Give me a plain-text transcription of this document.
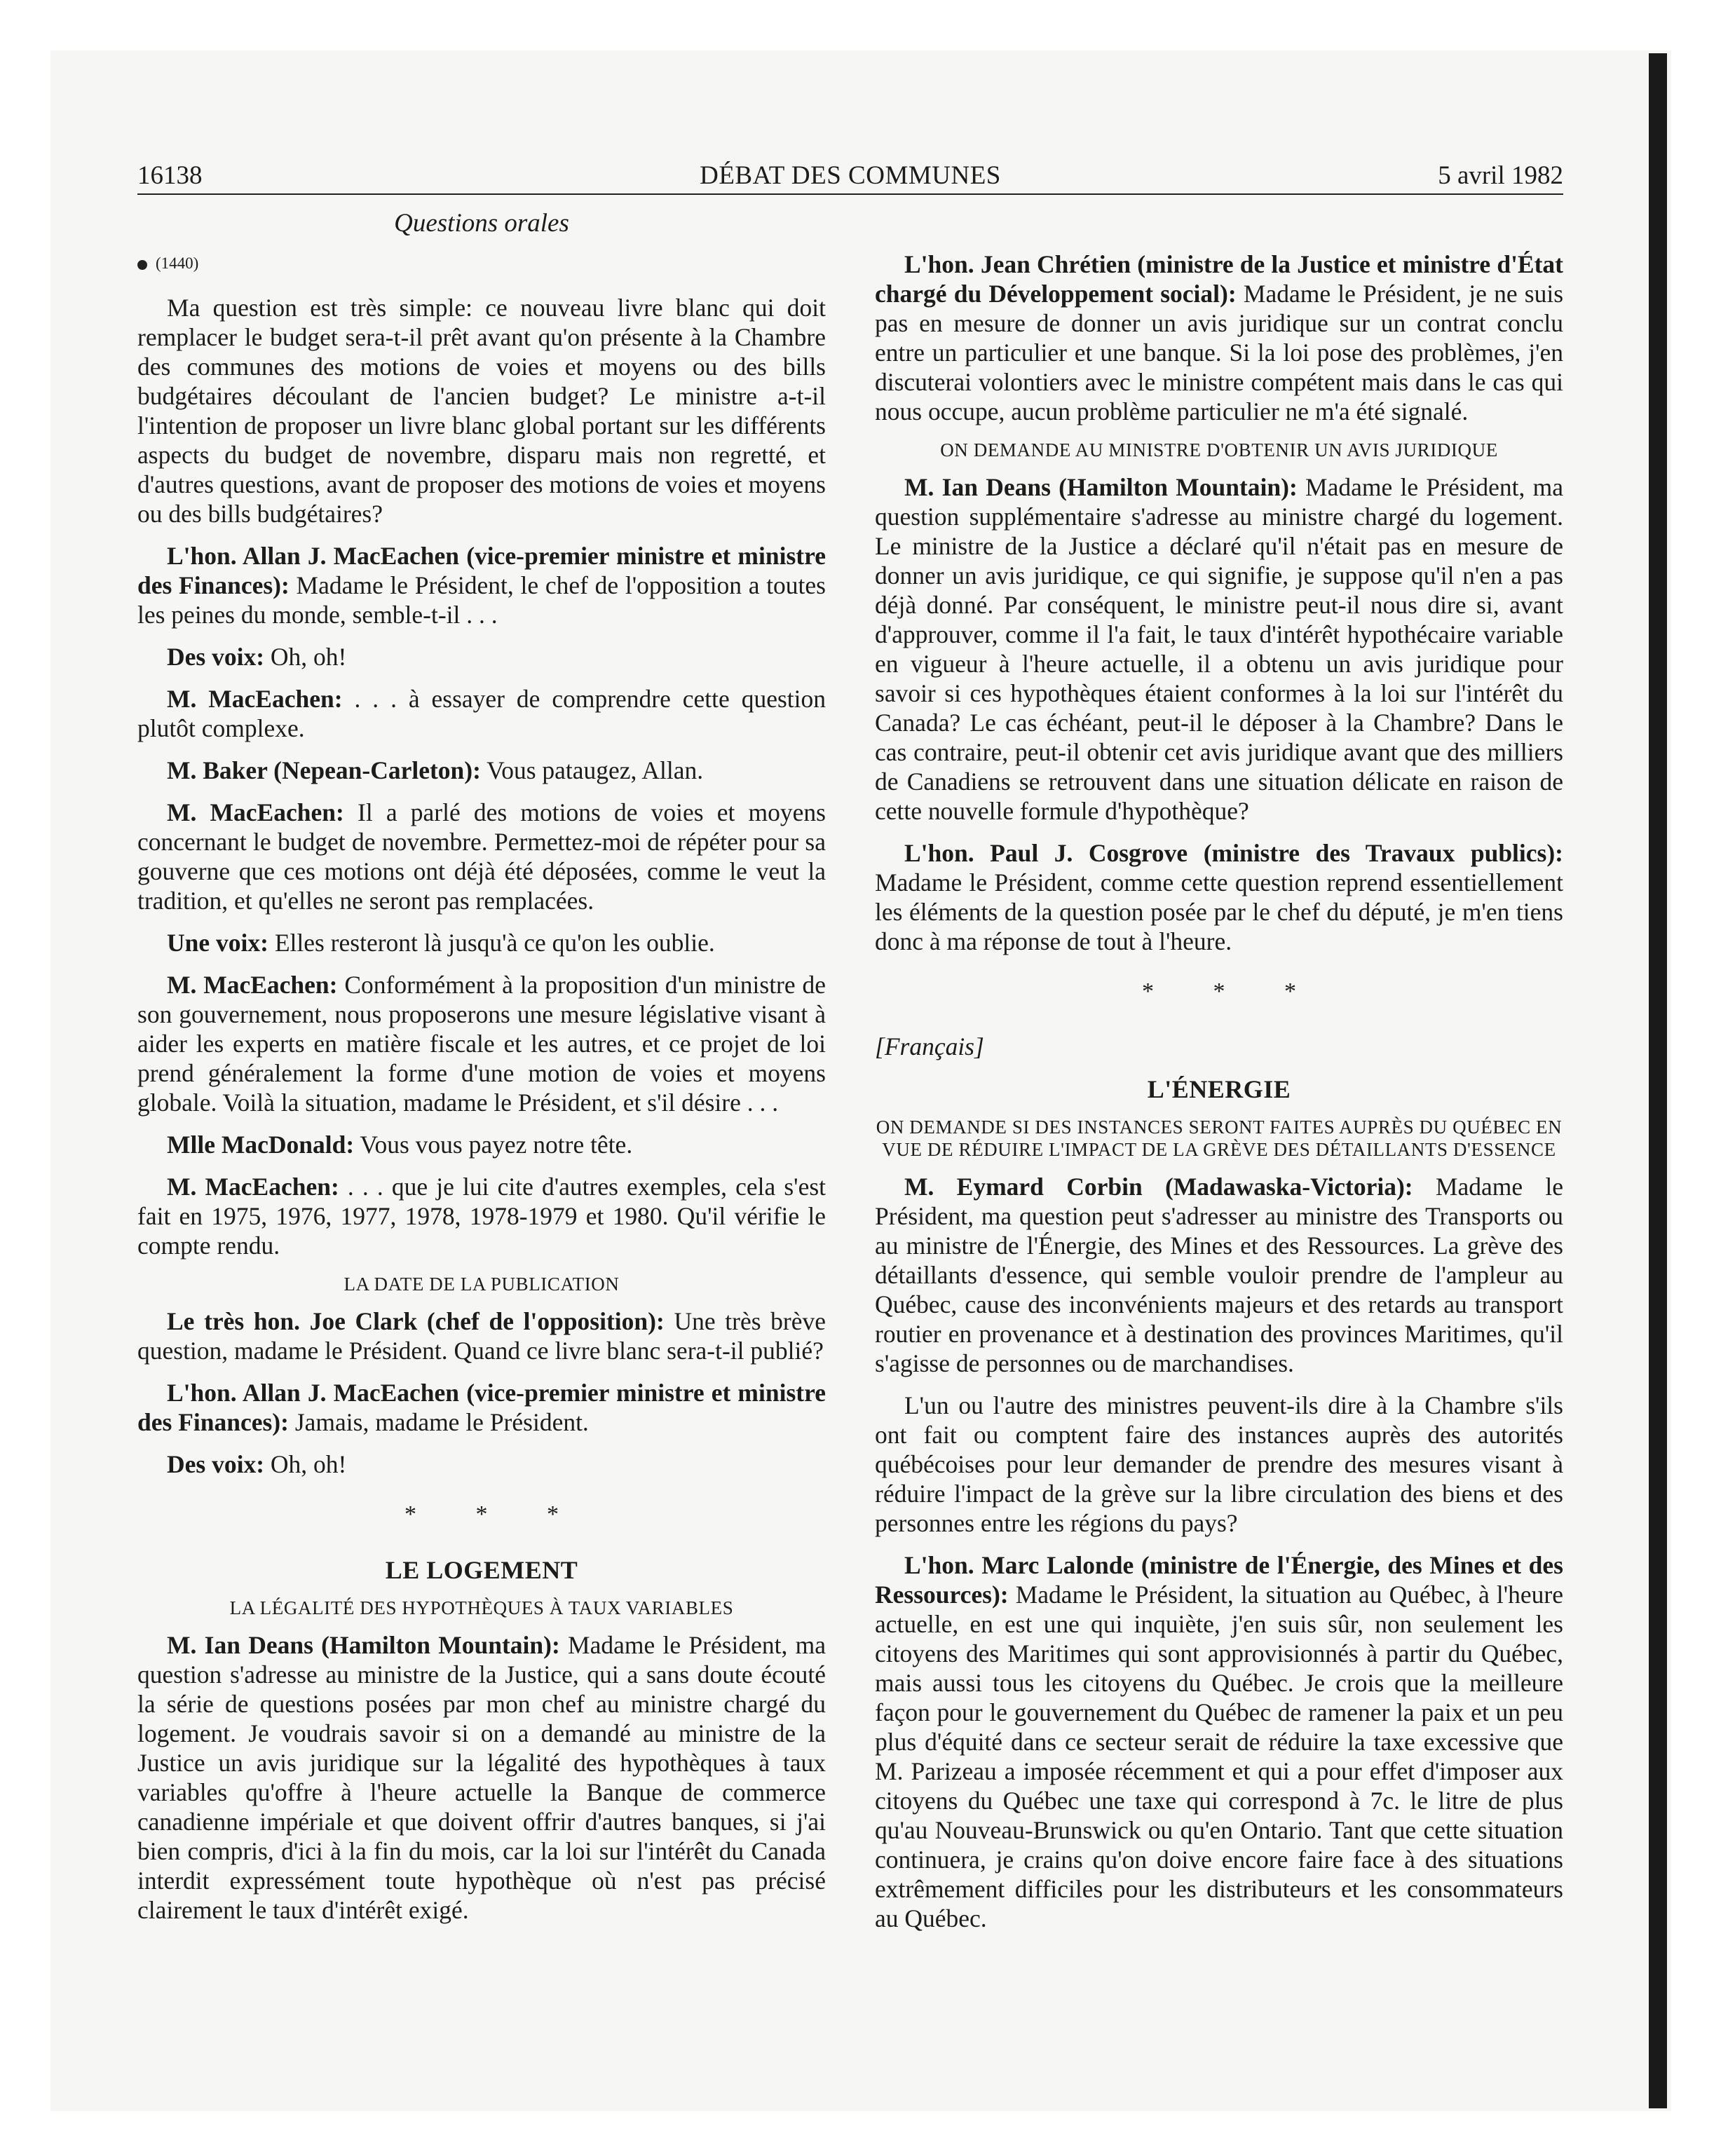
16138	DÉBAT DES COMMUNES	5 avril 1982
Questions orales
(1440)

Ma question est très simple: ce nouveau livre blanc qui doit remplacer le budget sera-t-il prêt avant qu'on présente à la Chambre des communes des motions de voies et moyens ou des bills budgétaires découlant de l'ancien budget? Le ministre a-t-il l'intention de proposer un livre blanc global portant sur les différents aspects du budget de novembre, disparu mais non regretté, et d'autres questions, avant de proposer des motions de voies et moyens ou des bills budgétaires?

L'hon. Allan J. MacEachen (vice-premier ministre et ministre des Finances): Madame le Président, le chef de l'opposition a toutes les peines du monde, semble-t-il . . .

Des voix: Oh, oh!

M. MacEachen: . . . à essayer de comprendre cette question plutôt complexe.

M. Baker (Nepean-Carleton): Vous pataugez, Allan.

M. MacEachen: Il a parlé des motions de voies et moyens concernant le budget de novembre. Permettez-moi de répéter pour sa gouverne que ces motions ont déjà été déposées, comme le veut la tradition, et qu'elles ne seront pas remplacées.

Une voix: Elles resteront là jusqu'à ce qu'on les oublie.

M. MacEachen: Conformément à la proposition d'un ministre de son gouvernement, nous proposerons une mesure législative visant à aider les experts en matière fiscale et les autres, et ce projet de loi prend généralement la forme d'une motion de voies et moyens globale. Voilà la situation, madame le Président, et s'il désire . . .

Mlle MacDonald: Vous vous payez notre tête.

M. MacEachen: . . . que je lui cite d'autres exemples, cela s'est fait en 1975, 1976, 1977, 1978, 1978-1979 et 1980. Qu'il vérifie le compte rendu.

LA DATE DE LA PUBLICATION

Le très hon. Joe Clark (chef de l'opposition): Une très brève question, madame le Président. Quand ce livre blanc sera-t-il publié?

L'hon. Allan J. MacEachen (vice-premier ministre et ministre des Finances): Jamais, madame le Président.

Des voix: Oh, oh!

* * *
LE LOGEMENT
LA LÉGALITÉ DES HYPOTHÈQUES À TAUX VARIABLES

M. Ian Deans (Hamilton Mountain): Madame le Président, ma question s'adresse au ministre de la Justice, qui a sans doute écouté la série de questions posées par mon chef au ministre chargé du logement. Je voudrais savoir si on a demandé au ministre de la Justice un avis juridique sur la légalité des hypothèques à taux variables qu'offre à l'heure actuelle la Banque de commerce canadienne impériale et que doivent offrir d'autres banques, si j'ai bien compris, d'ici à la fin du mois, car la loi sur l'intérêt du Canada interdit expressément toute hypothèque où n'est pas précisé clairement le taux d'intérêt exigé.

L'hon. Jean Chrétien (ministre de la Justice et ministre d'État chargé du Développement social): Madame le Président, je ne suis pas en mesure de donner un avis juridique sur un contrat conclu entre un particulier et une banque. Si la loi pose des problèmes, j'en discuterai volontiers avec le ministre compétent mais dans le cas qui nous occupe, aucun problème particulier ne m'a été signalé.

ON DEMANDE AU MINISTRE D'OBTENIR UN AVIS JURIDIQUE

M. Ian Deans (Hamilton Mountain): Madame le Président, ma question supplémentaire s'adresse au ministre chargé du logement. Le ministre de la Justice a déclaré qu'il n'était pas en mesure de donner un avis juridique, ce qui signifie, je suppose qu'il n'en a pas déjà donné. Par conséquent, le ministre peut-il nous dire si, avant d'approuver, comme il l'a fait, le taux d'intérêt hypothécaire variable en vigueur à l'heure actuelle, il a obtenu un avis juridique pour savoir si ces hypothèques étaient conformes à la loi sur l'intérêt du Canada? Le cas échéant, peut-il le déposer à la Chambre? Dans le cas contraire, peut-il obtenir cet avis juridique avant que des milliers de Canadiens se retrouvent dans une situation délicate en raison de cette nouvelle formule d'hypothèque?

L'hon. Paul J. Cosgrove (ministre des Travaux publics): Madame le Président, comme cette question reprend essentiellement les éléments de la question posée par le chef du député, je m'en tiens donc à ma réponse de tout à l'heure.

* * *

[Français]

L'ÉNERGIE
ON DEMANDE SI DES INSTANCES SERONT FAITES AUPRÈS DU QUÉBEC EN VUE DE RÉDUIRE L'IMPACT DE LA GRÈVE DES DÉTAILLANTS D'ESSENCE

M. Eymard Corbin (Madawaska-Victoria): Madame le Président, ma question peut s'adresser au ministre des Transports ou au ministre de l'Énergie, des Mines et des Ressources. La grève des détaillants d'essence, qui semble vouloir prendre de l'ampleur au Québec, cause des inconvénients majeurs et des retards au transport routier en provenance et à destination des provinces Maritimes, qu'il s'agisse de personnes ou de marchandises.

L'un ou l'autre des ministres peuvent-ils dire à la Chambre s'ils ont fait ou comptent faire des instances auprès des autorités québécoises pour leur demander de prendre des mesures visant à réduire l'impact de la grève sur la libre circulation des biens et des personnes entre les régions du pays?

L'hon. Marc Lalonde (ministre de l'Énergie, des Mines et des Ressources): Madame le Président, la situation au Québec, à l'heure actuelle, en est une qui inquiète, j'en suis sûr, non seulement les citoyens des Maritimes qui sont approvisionnés à partir du Québec, mais aussi tous les citoyens du Québec. Je crois que la meilleure façon pour le gouvernement du Québec de ramener la paix et un peu plus d'équité dans ce secteur serait de réduire la taxe excessive que M. Parizeau a imposée récemment et qui a pour effet d'imposer aux citoyens du Québec une taxe qui correspond à 7c. le litre de plus qu'au Nouveau-Brunswick ou qu'en Ontario. Tant que cette situation continuera, je crains qu'on doive encore faire face à des situations extrêmement difficiles pour les distributeurs et les consommateurs au Québec.
